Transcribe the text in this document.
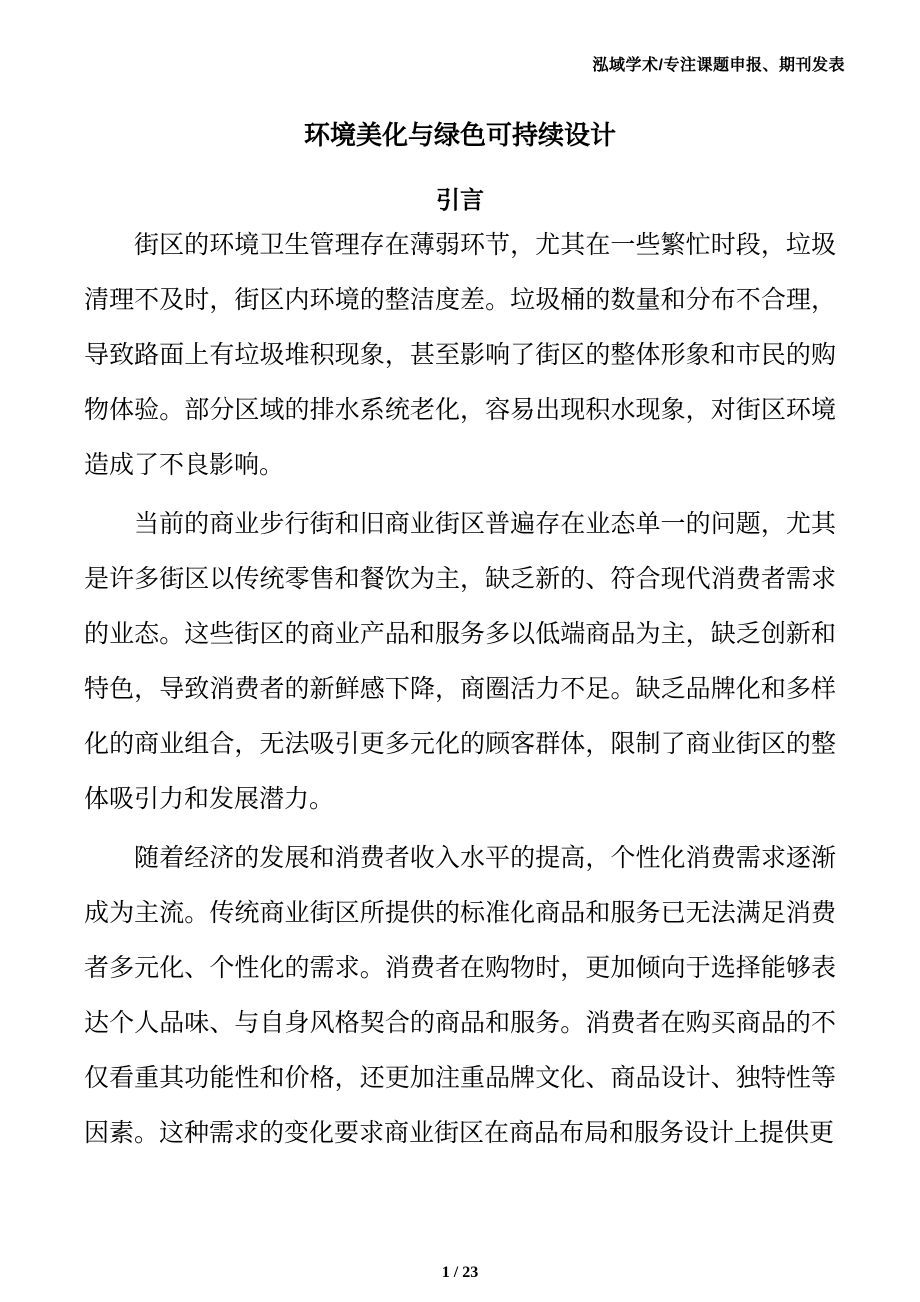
泓域学术/专注课题申报、期刊发表
环境美化与绿色可持续设计
引言

街区的环境卫生管理存在薄弱环节，尤其在一些繁忙时段，垃圾清理不及时，街区内环境的整洁度差。垃圾桶的数量和分布不合理，导致路面上有垃圾堆积现象，甚至影响了街区的整体形象和市民的购物体验。部分区域的排水系统老化，容易出现积水现象，对街区环境造成了不良影响。

当前的商业步行街和旧商业街区普遍存在业态单一的问题，尤其是许多街区以传统零售和餐饮为主，缺乏新的、符合现代消费者需求的业态。这些街区的商业产品和服务多以低端商品为主，缺乏创新和特色，导致消费者的新鲜感下降，商圈活力不足。缺乏品牌化和多样化的商业组合，无法吸引更多元化的顾客群体，限制了商业街区的整体吸引力和发展潜力。

随着经济的发展和消费者收入水平的提高，个性化消费需求逐渐成为主流。传统商业街区所提供的标准化商品和服务已无法满足消费者多元化、个性化的需求。消费者在购物时，更加倾向于选择能够表达个人品味、与自身风格契合的商品和服务。消费者在购买商品的不仅看重其功能性和价格，还更加注重品牌文化、商品设计、独特性等因素。这种需求的变化要求商业街区在商品布局和服务设计上提供更

1 / 23
